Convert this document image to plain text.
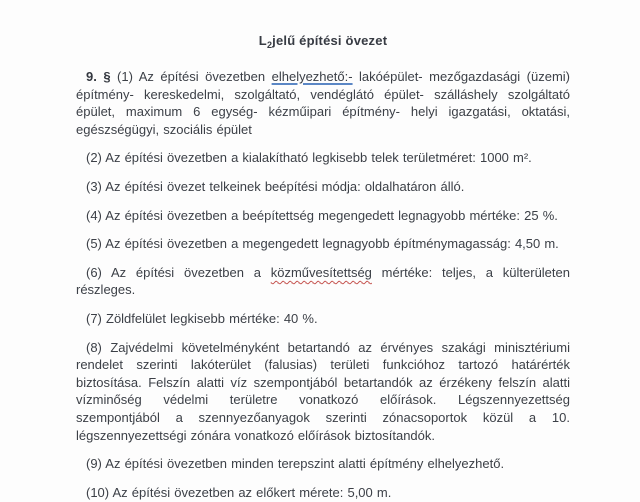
$L_2jelű$ építési övezet

9. § (1) Az építési övezetben elhelyezhető:- lakóépület- mezőgazdasági (üzemi) építmény- kereskedelmi, szolgáltató, vendéglátó épület- szálláshely szolgáltató épület, maximum 6 egység- kézműipari építmény- helyi igazgatási, oktatási, egészségügyi, szociális épület

(2) Az építési övezetben a kialakítható legkisebb telek területméret: 1000 m².

(3) Az építési övezet telkeinek beépítési módja: oldalhatáron álló.

(4) Az építési övezetben a beépítettség megengedett legnagyobb mértéke: 25 %.

(5) Az építési övezetben a megengedett legnagyobb építménymagasság: 4,50 m.

(6) Az építési övezetben a közművesítettség mértéke: teljes, a külterületen részleges.

(7) Zöldfelület legkisebb mértéke: 40 %.

(8) Zajvédelmi követelményként betartandó az érvényes szakági minisztériumi rendelet szerinti lakóterület (falusias) területi funkcióhoz tartozó határérték biztosítása. Felszín alatti víz szempontjából betartandók az érzékeny felszín alatti vízminőség védelmi területre vonatkozó előírások. Légszennyezettség szempontjából a szennyezőanyagok szerinti zónacsoportok közül a 10. légszennyezettségi zónára vonatkozó előírások biztosítandók.

(9) Az építési övezetben minden terepszint alatti építmény elhelyezhető.

(10) Az építési övezetben az előkert mérete: 5,00 m.
